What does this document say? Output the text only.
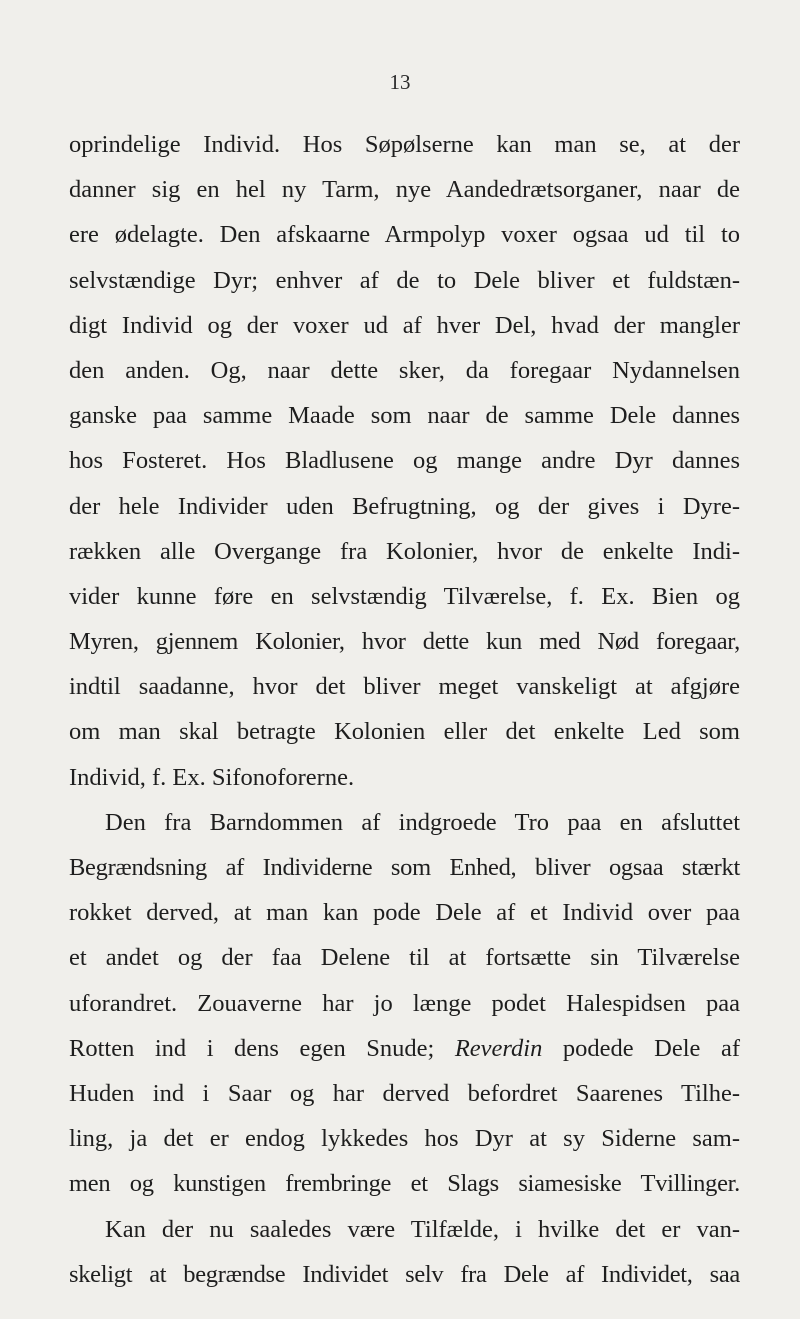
13
oprindelige Individ. Hos Søpølserne kan man se, at der
danner sig en hel ny Tarm, nye Aandedrætsorganer, naar de
ere ødelagte. Den afskaarne Armpolyp voxer ogsaa ud til to
selvstændige Dyr; enhver af de to Dele bliver et fuldstæn-
digt Individ og der voxer ud af hver Del, hvad der mangler
den anden. Og, naar dette sker, da foregaar Nydannelsen
ganske paa samme Maade som naar de samme Dele dannes
hos Fosteret. Hos Bladlusene og mange andre Dyr dannes
der hele Individer uden Befrugtning, og der gives i Dyre-
rækken alle Overgange fra Kolonier, hvor de enkelte Indi-
vider kunne føre en selvstændig Tilværelse, f. Ex. Bien og
Myren, gjennem Kolonier, hvor dette kun med Nød foregaar,
indtil saadanne, hvor det bliver meget vanskeligt at afgjøre
om man skal betragte Kolonien eller det enkelte Led som
Individ, f. Ex. Sifonoforerne.
Den fra Barndommen af indgroede Tro paa en afsluttet
Begrændsning af Individerne som Enhed, bliver ogsaa stærkt
rokket derved, at man kan pode Dele af et Individ over paa
et andet og der faa Delene til at fortsætte sin Tilværelse
uforandret. Zouaverne har jo længe podet Halespidsen paa
Rotten ind i dens egen Snude; Reverdin podede Dele af
Huden ind i Saar og har derved befordret Saarenes Tilhe-
ling, ja det er endog lykkedes hos Dyr at sy Siderne sam-
men og kunstigen frembringe et Slags siamesiske Tvillinger.
Kan der nu saaledes være Tilfælde, i hvilke det er van-
skeligt at begrændse Individet selv fra Dele af Individet, saa
